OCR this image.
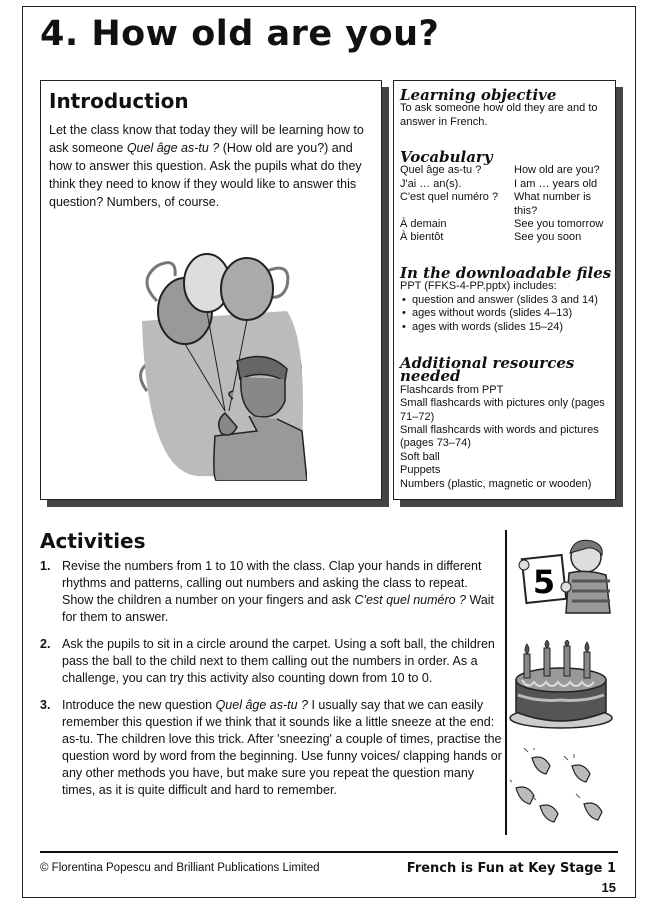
4. How old are you?
Introduction

Let the class know that today they will be learning how to ask someone Quel âge as-tu ? (How old are you?) and how to answer this question. Ask the pupils what do they think they need to know if they would like to answer this question? Numbers, of course.

Learning objective
To ask someone how old they are and to answer in French.
Vocabulary
Quel âge as-tu ?	How old are you?
J'ai … an(s).	I am … years old
C'est quel numéro ?	What number is this?
À demain	See you tomorrow
À bientôt	See you soon
In the downloadable files
PPT (FFKS-4-PP.pptx) includes:
• question and answer (slides 3 and 14)
• ages without words (slides 4–13)
• ages with words (slides 15–24)
Additional resources needed
Flashcards from PPT
Small flashcards with pictures only (pages 71–72)
Small flashcards with words and pictures (pages 73–74)
Soft ball
Puppets
Numbers (plastic, magnetic or wooden)
Activities
1. Revise the numbers from 1 to 10 with the class. Clap your hands in different rhythms and patterns, calling out numbers and asking the class to repeat. Show the children a number on your fingers and ask C'est quel numéro ? Wait for them to answer.
2. Ask the pupils to sit in a circle around the carpet. Using a soft ball, the children pass the ball to the child next to them calling out the numbers in order. As a challenge, you can try this activity also counting down from 10 to 0.
3. Introduce the new question Quel âge as-tu ? I usually say that we can easily remember this question if we think that it sounds like a little sneeze at the end: as-tu. The children love this trick. After 'sneezing' a couple of times, practise the question word by word from the beginning. Use funny voices/ clapping hands or any other methods you have, but make sure you repeat the question many times, as it is quite difficult and hard to remember.
5
© Florentina Popescu and Brilliant Publications Limited	French is Fun at Key Stage 1
15
